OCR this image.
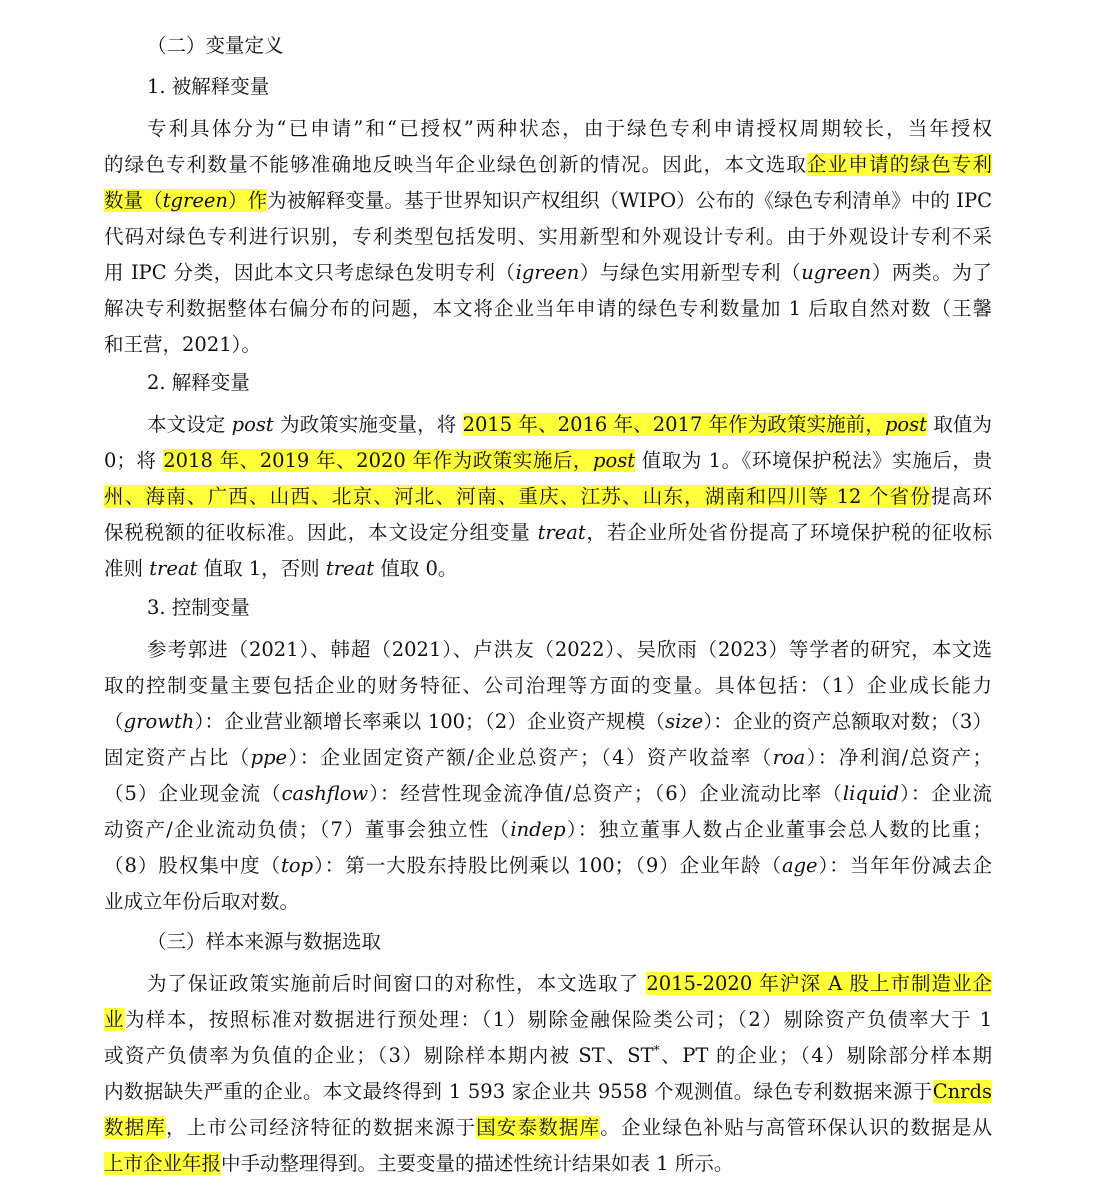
（二）变量定义
1. 被解释变量
专利具体分为“已申请”和“已授权”两种状态，由于绿色专利申请授权周期较长，当年授权
的绿色专利数量不能够准确地反映当年企业绿色创新的情况。因此，本文选取企业申请的绿色专利
数量（tgreen）作为被解释变量。基于世界知识产权组织（WIPO）公布的《绿色专利清单》中的 IPC
代码对绿色专利进行识别，专利类型包括发明、实用新型和外观设计专利。由于外观设计专利不采
用 IPC 分类，因此本文只考虑绿色发明专利（igreen）与绿色实用新型专利（ugreen）两类。为了
解决专利数据整体右偏分布的问题，本文将企业当年申请的绿色专利数量加 1 后取自然对数（王馨
和王营，2021）。
2. 解释变量
本文设定 post 为政策实施变量，将 2015 年、2016 年、2017 年作为政策实施前，post 取值为
0；将 2018 年、2019 年、2020 年作为政策实施后，post 值取为 1。《环境保护税法》实施后，贵
州、海南、广西、山西、北京、河北、河南、重庆、江苏、山东，湖南和四川等 12 个省份提高环
保税税额的征收标准。因此，本文设定分组变量 treat，若企业所处省份提高了环境保护税的征收标
准则 treat 值取 1，否则 treat 值取 0。
3. 控制变量
参考郭进（2021）、韩超（2021）、卢洪友（2022）、吴欣雨（2023）等学者的研究，本文选
取的控制变量主要包括企业的财务特征、公司治理等方面的变量。具体包括：（1）企业成长能力
（growth）：企业营业额增长率乘以 100；（2）企业资产规模（size）：企业的资产总额取对数；（3）
固定资产占比（ppe）：企业固定资产额/企业总资产；（4）资产收益率（roa）：净利润/总资产；
（5）企业现金流（cashflow）：经营性现金流净值/总资产；（6）企业流动比率（liquid）：企业流
动资产/企业流动负债；（7）董事会独立性（indep）：独立董事人数占企业董事会总人数的比重；
（8）股权集中度（top）：第一大股东持股比例乘以 100；（9）企业年龄（age）：当年年份减去企
业成立年份后取对数。
（三）样本来源与数据选取
为了保证政策实施前后时间窗口的对称性，本文选取了 2015-2020 年沪深 A 股上市制造业企
业为样本，按照标准对数据进行预处理：（1）剔除金融保险类公司；（2）剔除资产负债率大于 1
或资产负债率为负值的企业；（3）剔除样本期内被 ST、ST*、PT 的企业；（4）剔除部分样本期
内数据缺失严重的企业。本文最终得到 1 593 家企业共 9558 个观测值。绿色专利数据来源于Cnrds
数据库，上市公司经济特征的数据来源于国安泰数据库。企业绿色补贴与高管环保认识的数据是从
上市企业年报中手动整理得到。主要变量的描述性统计结果如表 1 所示。
